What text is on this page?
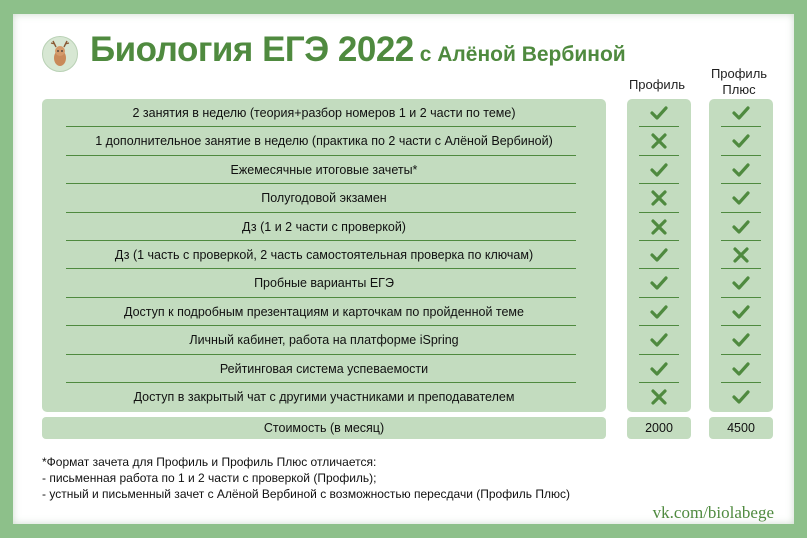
Биология ЕГЭ 2022 с Алёной Вербиной
Профиль
Профиль
Плюс
2 занятия в неделю (теория+разбор номеров 1 и 2 части по теме)
1 дополнительное занятие в неделю (практика по 2 части с Алёной Вербиной)
Ежемесячные итоговые зачеты*
Полугодовой экзамен
Дз (1 и 2 части с проверкой)
Дз (1 часть с проверкой, 2 часть самостоятельная проверка по ключам)
Пробные варианты ЕГЭ
Доступ к подробным презентациям и карточкам по пройденной теме
Личный кабинет, работа на платформе iSpring
Рейтинговая система успеваемости
Доступ в закрытый чат с другими участниками и преподавателем
Стоимость (в месяц)	2000	4500
*Формат зачета для Профиль и Профиль Плюс отличается:
- письменная работа по 1 и 2 части с проверкой (Профиль);
- устный и письменный зачет с Алёной Вербиной с возможностью пересдачи (Профиль Плюс)
vk.com/biolabege
